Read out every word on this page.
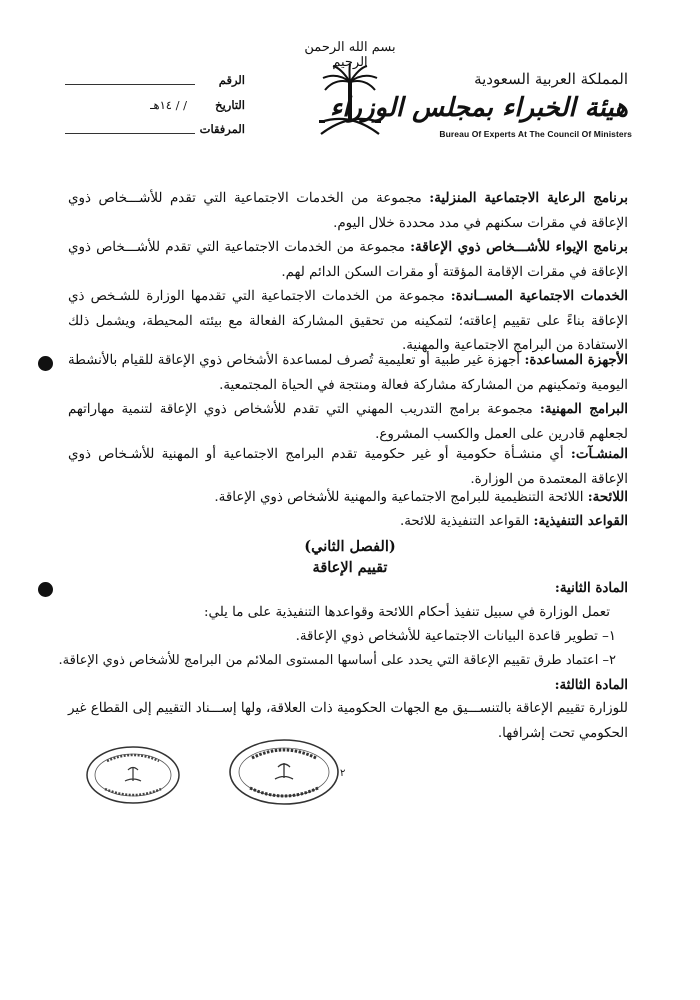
بسم الله الرحمن الرحيم
المملكة العربية السعودية
هيئة الخبراء بمجلس الوزراء
Bureau Of Experts At The Council Of Ministers
الرقم
التاريخ
/ / ١٤هـ
المرفقات
برنامج الرعاية الاجتماعية المنزلية: مجموعة من الخدمات الاجتماعية التي تقدم للأشـــخاص ذوي الإعاقة في مقرات سكنهم في مدد محددة خلال اليوم.
برنامج الإيواء للأشـــخاص ذوي الإعاقة: مجموعة من الخدمات الاجتماعية التي تقدم للأشـــخاص ذوي الإعاقة في مقرات الإقامة المؤقتة أو مقرات السكن الدائم لهم.
الخدمات الاجتماعية المســاندة: مجموعة من الخدمات الاجتماعية التي تقدمها الوزارة للشـخص ذي الإعاقة بناءً على تقييم إعاقته؛ لتمكينه من تحقيق المشاركة الفعالة مع بيئته المحيطة، ويشمل ذلك الاستفادة من البرامج الاجتماعية والمهنية.
الأجهزة المساعدة: أجهزة غير طبية أو تعليمية تُصرف لمساعدة الأشخاص ذوي الإعاقة للقيام بالأنشطة اليومية وتمكينهم من المشاركة مشاركة فعالة ومنتجة في الحياة المجتمعية.
البرامج المهنية: مجموعة برامج التدريب المهني التي تقدم للأشخاص ذوي الإعاقة لتنمية مهاراتهم لجعلهم قادرين على العمل والكسب المشروع.
المنشـآت: أي منشـأة حكومية أو غير حكومية تقدم البرامج الاجتماعية أو المهنية للأشـخاص ذوي الإعاقة المعتمدة من الوزارة.
اللائحة: اللائحة التنظيمية للبرامج الاجتماعية والمهنية للأشخاص ذوي الإعاقة.
القواعد التنفيذية: القواعد التنفيذية للائحة.
(الفصل الثاني)
تقييم الإعاقة
المادة الثانية:
تعمل الوزارة في سبيل تنفيذ أحكام اللائحة وقواعدها التنفيذية على ما يلي:
١– تطوير قاعدة البيانات الاجتماعية للأشخاص ذوي الإعاقة.
٢– اعتماد طرق تقييم الإعاقة التي يحدد على أساسها المستوى الملائم من البرامج للأشخاص ذوي الإعاقة.
المادة الثالثة:
للوزارة تقييم الإعاقة بالتنســـيق مع الجهات الحكومية ذات العلاقة، ولها إســـناد التقييم إلى القطاع غير الحكومي تحت إشرافها.
٢
